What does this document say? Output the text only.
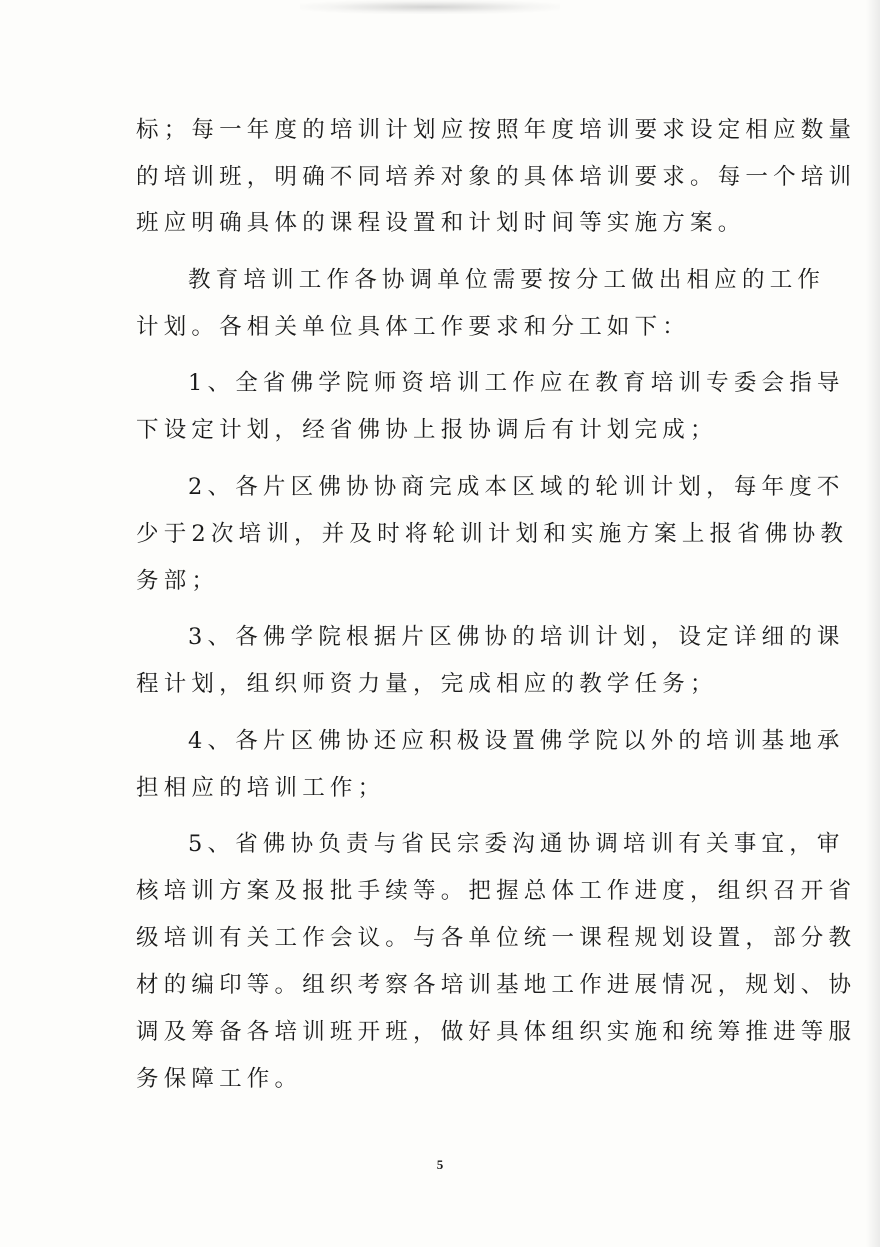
标；每一年度的培训计划应按照年度培训要求设定相应数量
的培训班，明确不同培养对象的具体培训要求。每一个培训
班应明确具体的课程设置和计划时间等实施方案。
教育培训工作各协调单位需要按分工做出相应的工作
计划。各相关单位具体工作要求和分工如下：
1、全省佛学院师资培训工作应在教育培训专委会指导
下设定计划，经省佛协上报协调后有计划完成；
2、各片区佛协协商完成本区域的轮训计划，每年度不
少于2次培训，并及时将轮训计划和实施方案上报省佛协教
务部；
3、各佛学院根据片区佛协的培训计划，设定详细的课
程计划，组织师资力量，完成相应的教学任务；
4、各片区佛协还应积极设置佛学院以外的培训基地承
担相应的培训工作；
5、省佛协负责与省民宗委沟通协调培训有关事宜，审
核培训方案及报批手续等。把握总体工作进度，组织召开省
级培训有关工作会议。与各单位统一课程规划设置，部分教
材的编印等。组织考察各培训基地工作进展情况，规划、协
调及筹备各培训班开班，做好具体组织实施和统筹推进等服
务保障工作。
5
